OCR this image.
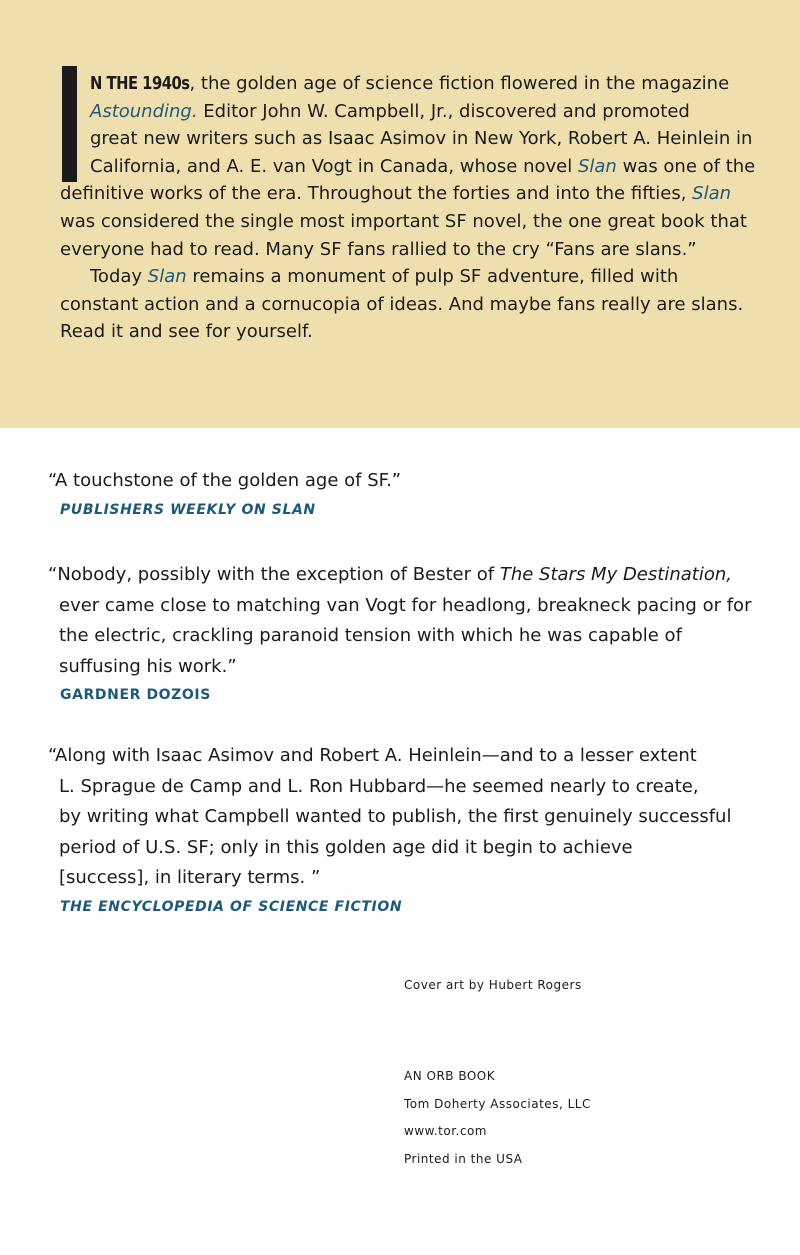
N THE 1940s, the golden age of science fiction flowered in the magazine
Astounding. Editor John W. Campbell, Jr., discovered and promoted
great new writers such as Isaac Asimov in New York, Robert A. Heinlein in
California, and A. E. van Vogt in Canada, whose novel Slan was one of the
definitive works of the era. Throughout the forties and into the fifties, Slan
was considered the single most important SF novel, the one great book that
everyone had to read. Many SF fans rallied to the cry “Fans are slans.”
Today Slan remains a monument of pulp SF adventure, filled with
constant action and a cornucopia of ideas. And maybe fans really are slans.
Read it and see for yourself.
“A touchstone of the golden age of SF.”
PUBLISHERS WEEKLY ON SLAN
“Nobody, possibly with the exception of Bester of The Stars My Destination,
ever came close to matching van Vogt for headlong, breakneck pacing or for
the electric, crackling paranoid tension with which he was capable of
suffusing his work.”
GARDNER DOZOIS
“Along with Isaac Asimov and Robert A. Heinlein—and to a lesser extent
L. Sprague de Camp and L. Ron Hubbard—he seemed nearly to create,
by writing what Campbell wanted to publish, the first genuinely successful
period of U.S. SF; only in this golden age did it begin to achieve
[success], in literary terms. ”
THE ENCYCLOPEDIA OF SCIENCE FICTION
Cover art by Hubert Rogers
AN ORB BOOK
Tom Doherty Associates, LLC
www.tor.com
Printed in the USA
